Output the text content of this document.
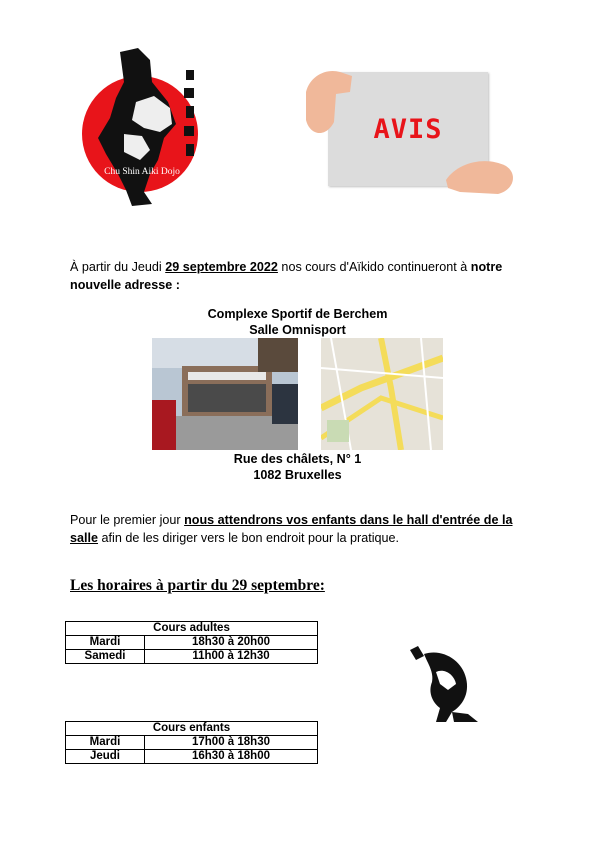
Chu Shin Aiki Dojo
AVIS
À partir du Jeudi 29 septembre 2022 nos cours d'Aïkido continueront à notre nouvelle adresse :
Complexe Sportif de Berchem
Salle Omnisport
Rue des châlets, N° 1
1082 Bruxelles
Pour le premier jour nous attendrons vos enfants dans le hall d'entrée de la salle afin de les diriger vers le bon endroit pour la pratique.
Les horaires à partir du 29 septembre:
Cours adultes	
Mardi	18h30 à 20h00
Samedi	11h00 à 12h30
Cours enfants	
Mardi	17h00 à 18h30
Jeudi	16h30 à 18h00
